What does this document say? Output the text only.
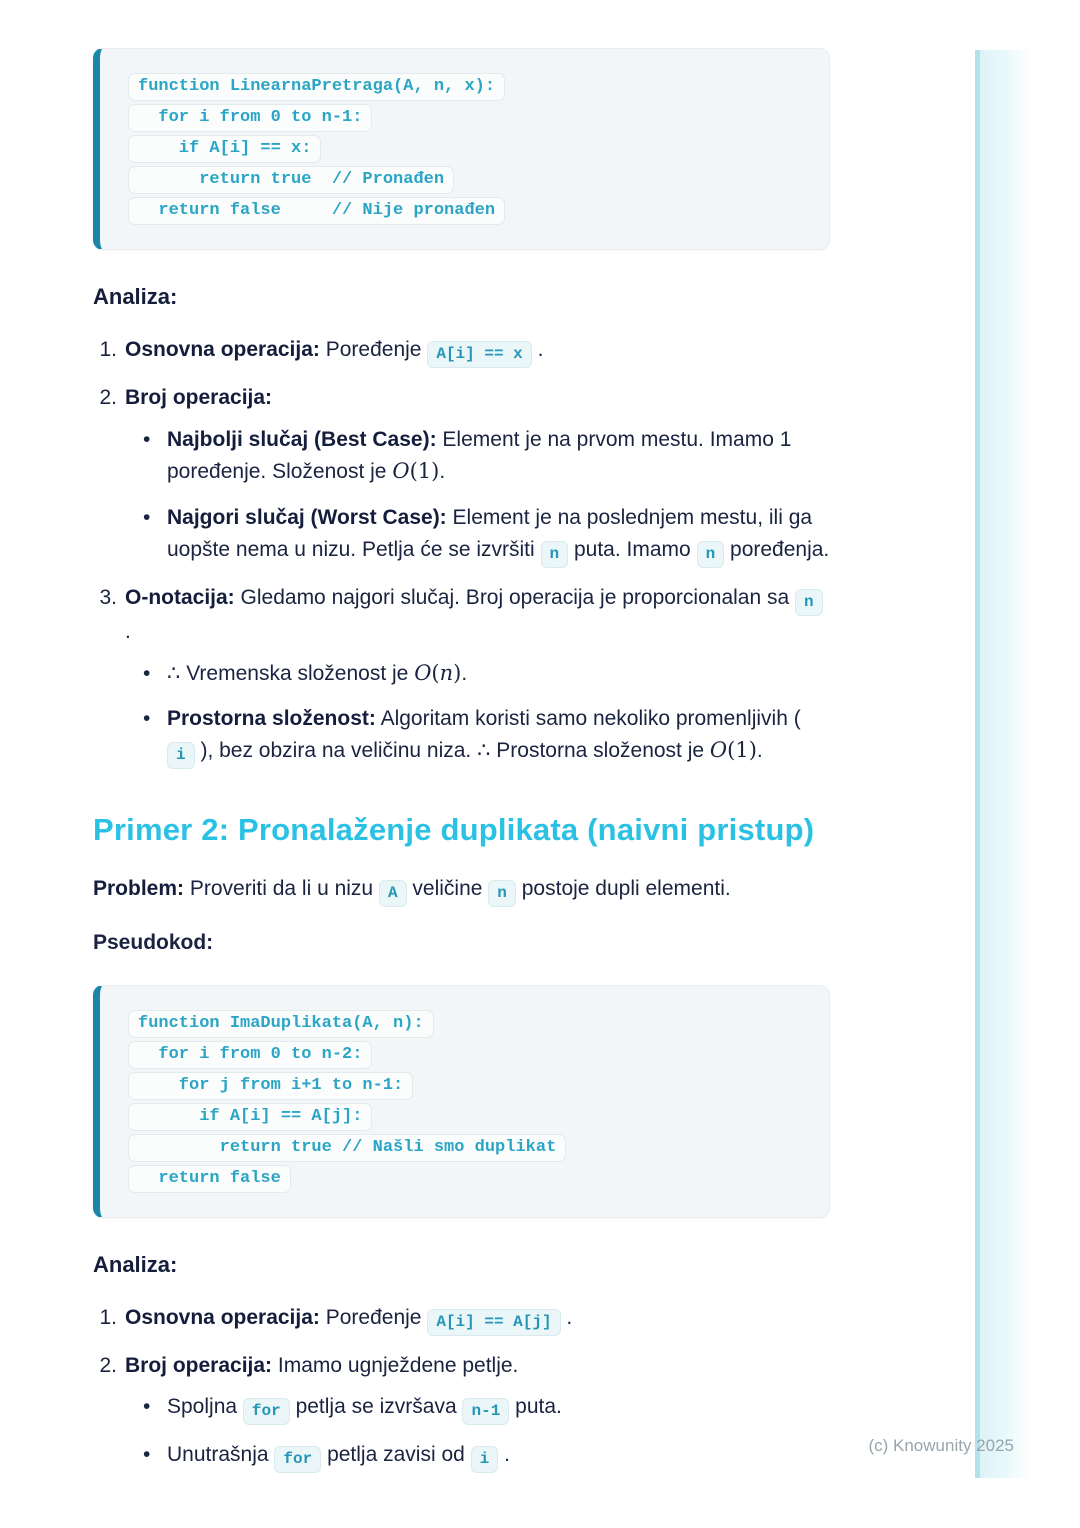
(c) Knowunity 2025
function LinearnaPretraga(A, n, x):
for i from 0 to n-1:
if A[i] == x:
return true  // Pronađen
return false     // Nije pronađen
Analiza:
1. Osnovna operacija: Poređenje A[i] == x .
2. Broj operacija:
•
Najbolji slučaj (Best Case): Element je na prvom mestu. Imamo 1 poređenje. Složenost je O(1).
•
Najgori slučaj (Worst Case): Element je na poslednjem mestu, ili ga uopšte nema u nizu. Petlja će se izvršiti n puta. Imamo n poređenja.
3. O-notacija: Gledamo najgori slučaj. Broj operacija je proporcionalan sa n .
•
∴ Vremenska složenost je O(n).
•
Prostorna složenost: Algoritam koristi samo nekoliko promenljivih ( i ), bez obzira na veličinu niza. ∴ Prostorna složenost je O(1).
Primer 2: Pronalaženje duplikata (naivni pristup)

Problem: Proveriti da li u nizu A veličine n postoje dupli elementi.

Pseudokod:

function ImaDuplikata(A, n):
for i from 0 to n-2:
for j from i+1 to n-1:
if A[i] == A[j]:
return true // Našli smo duplikat
return false
Analiza:
1. Osnovna operacija: Poređenje A[i] == A[j] .
2. Broj operacija: Imamo ugnježdene petlje.
•
Spoljna for petlja se izvršava n-1 puta.
•
Unutrašnja for petlja zavisi od i .
